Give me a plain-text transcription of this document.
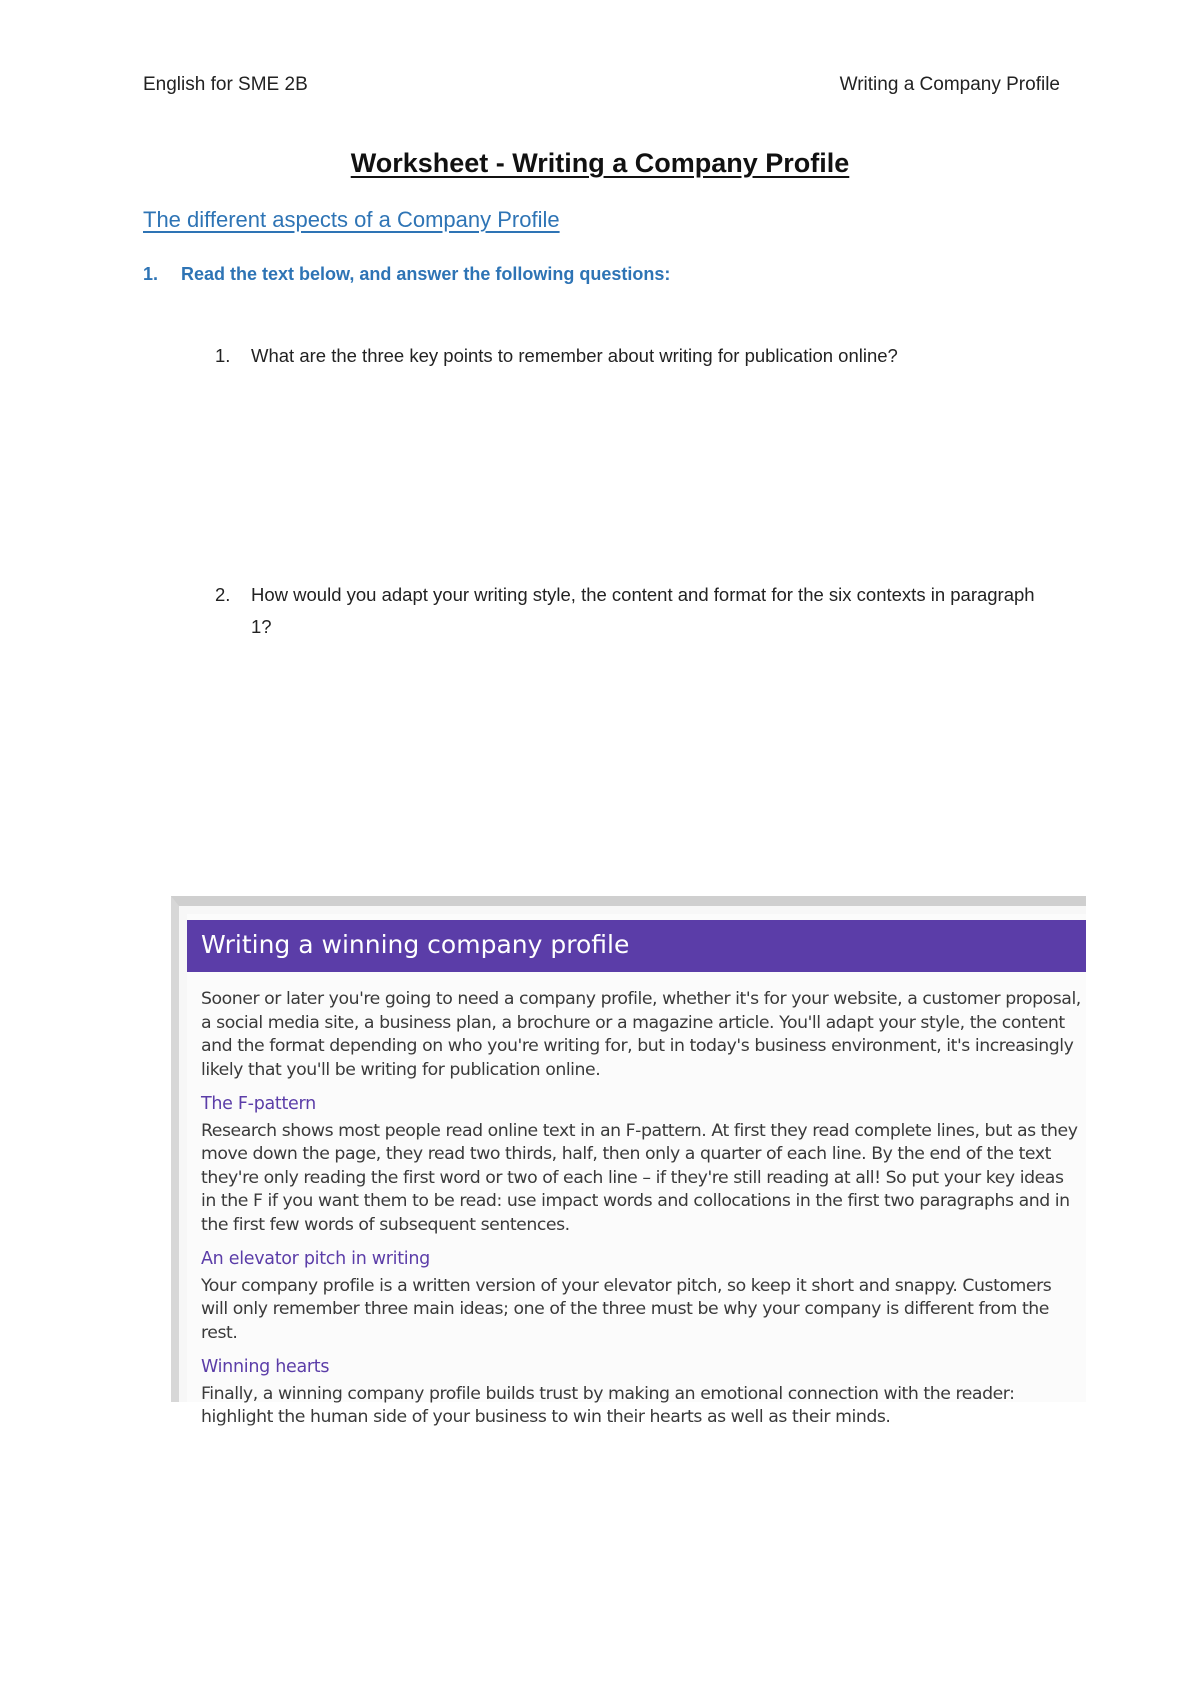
English for SME 2B	Writing a Company Profile
Worksheet - Writing a Company Profile
The different aspects of a Company Profile
1. Read the text below, and answer the following questions:
1.	What are the three key points to remember about writing for publication online?
2.	How would you adapt your writing style, the content and format for the six contexts in paragraph 1?
Writing a winning company profile

Sooner or later you're going to need a company profile, whether it's for your website, a customer proposal, a social media site, a business plan, a brochure or a magazine article. You'll adapt your style, the content and the format depending on who you're writing for, but in today's business environment, it's increasingly likely that you'll be writing for publication online.

The F-pattern

Research shows most people read online text in an F-pattern. At first they read complete lines, but as they move down the page, they read two thirds, half, then only a quarter of each line. By the end of the text they're only reading the first word or two of each line – if they're still reading at all! So put your key ideas in the F if you want them to be read: use impact words and collocations in the first two paragraphs and in the first few words of subsequent sentences.

An elevator pitch in writing

Your company profile is a written version of your elevator pitch, so keep it short and snappy. Customers will only remember three main ideas; one of the three must be why your company is different from the rest.

Winning hearts

Finally, a winning company profile builds trust by making an emotional connection with the reader: highlight the human side of your business to win their hearts as well as their minds.
